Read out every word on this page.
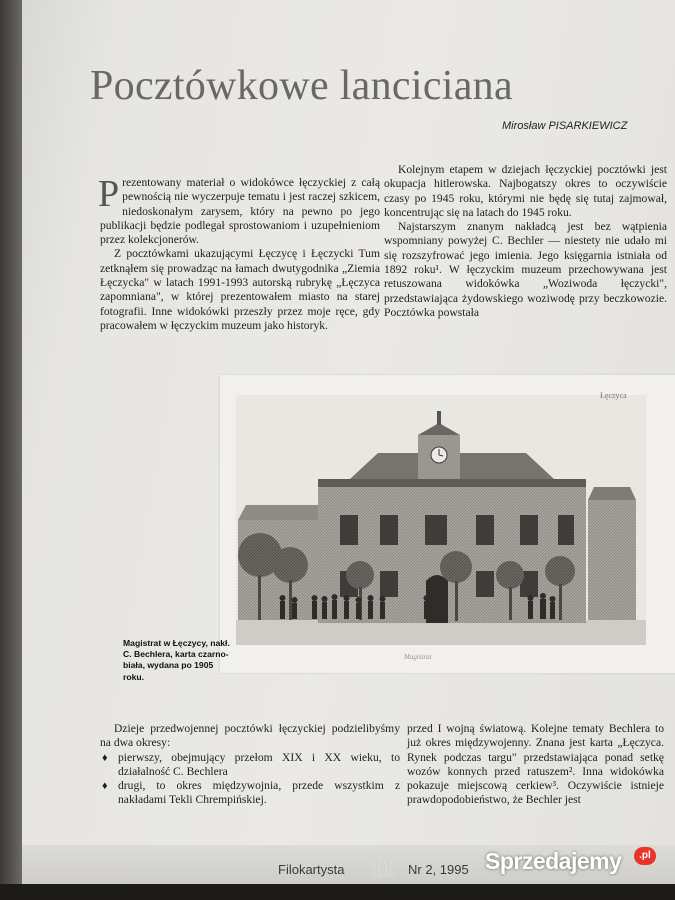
Pocztówkowe lanciciana
Mirosław PISARKIEWICZ

Prezentowany materiał o widokówce łęczyckiej z całą pewnością nie wyczerpuje tematu i jest raczej szkicem, niedoskonałym zarysem, który na pewno po jego publikacji będzie podlegał sprostowaniom i uzupełnieniom przez kolekcjonerów.

Z pocztówkami ukazującymi Łęczycę i Łęczycki Tum zetknąłem się prowadząc na łamach dwutygodnika „Ziemia Łęczycka" w latach 1991-1993 autorską rubrykę „Łęczyca zapomniana", w której prezentowałem miasto na starej fotografii. Inne widokówki przeszły przez moje ręce, gdy pracowałem w łęczyckim muzeum jako historyk.

Kolejnym etapem w dziejach łęczyckiej pocztówki jest okupacja hitlerowska. Najbogatszy okres to oczywiście czasy po 1945 roku, którymi nie będę się tutaj zajmował, koncentrując się na latach do 1945 roku.

Najstarszym znanym nakładcą jest bez wątpienia wspomniany powyżej C. Bechler — niestety nie udało mi się rozszyfrować jego imienia. Jego księgarnia istniała od 1892 roku¹. W łęczyckim muzeum przechowywana jest retuszowana widokówka „Woziwoda łęczycki", przedstawiająca żydowskiego woziwodę przy beczkowozie. Pocztówka powstała

Łęczyca
Magistrat
Magistrat w Łęczycy, nakł. C. Bechlera, karta czarno-biała, wydana po 1905 roku.

Dzieje przedwojennej pocztówki łęczyckiej podzielibyśmy na dwa okresy:

♦ pierwszy, obejmujący przełom XIX i XX wieku, to działalność C. Bechlera
♦ drugi, to okres międzywojnia, przede wszystkim z nakładami Tekli Chrempińskiej.

przed I wojną światową. Kolejne tematy Bechlera to już okres międzywojenny. Znana jest karta „Łęczyca. Rynek podczas targu" przedstawiająca ponad setkę wozów konnych przed ratuszem². Inna widokówka pokazuje miejscową cerkiew³. Oczywiście istnieje prawdopodobieństwo, że Bechler jest

Filokartysta 11 Nr 2, 1995 Sprzedajemy	.pl
